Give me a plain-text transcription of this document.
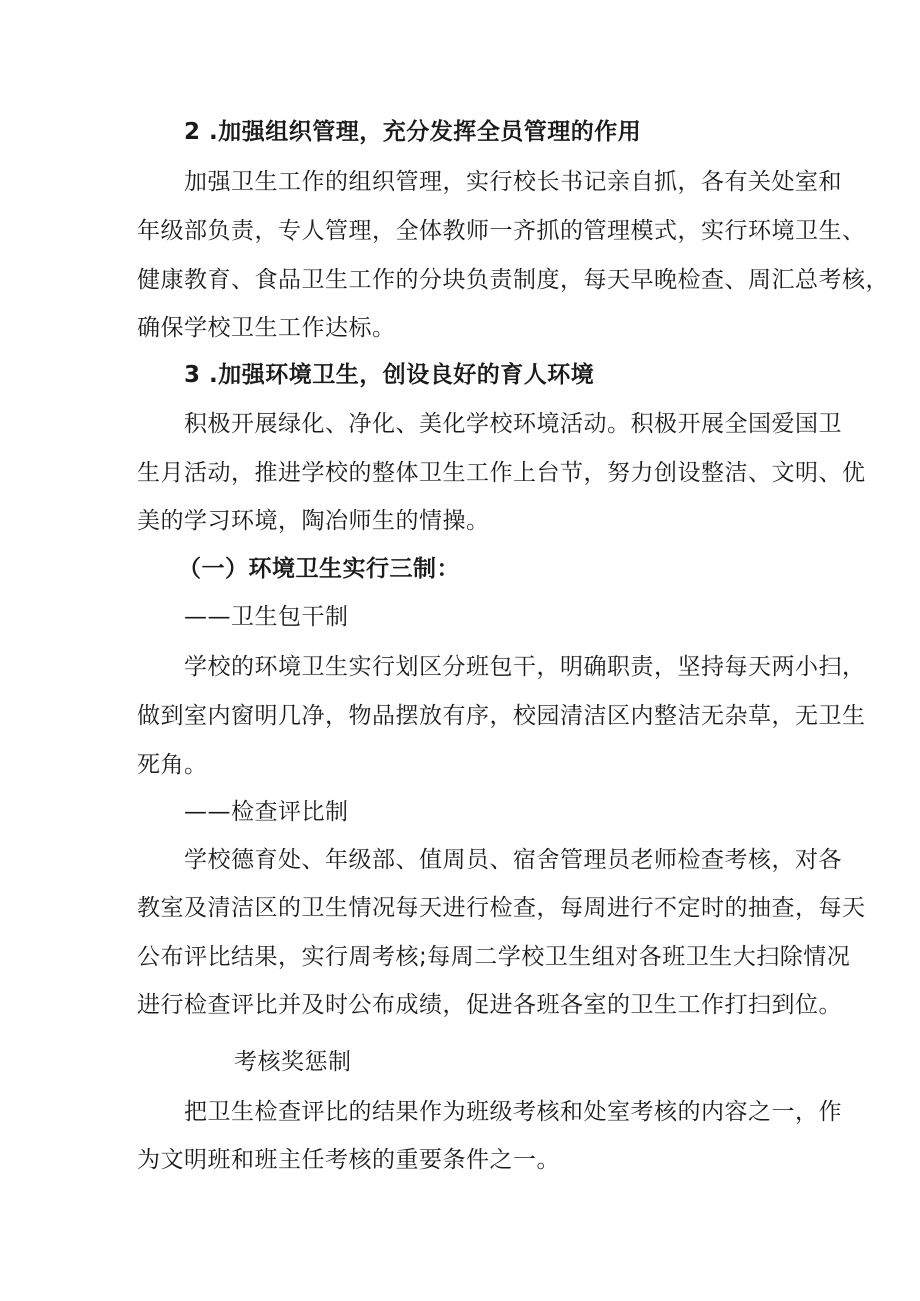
2 .加强组织管理，充分发挥全员管理的作用
加强卫生工作的组织管理，实行校长书记亲自抓，各有关处室和
年级部负责，专人管理，全体教师一齐抓的管理模式，实行环境卫生、
健康教育、食品卫生工作的分块负责制度，每天早晚检查、周汇总考核，
确保学校卫生工作达标。
3 .加强环境卫生，创设良好的育人环境
积极开展绿化、净化、美化学校环境活动。积极开展全国爱国卫
生月活动，推进学校的整体卫生工作上台节，努力创设整洁、文明、优
美的学习环境，陶冶师生的情操。
（一）环境卫生实行三制：
——卫生包干制
学校的环境卫生实行划区分班包干，明确职责，坚持每天两小扫，
做到室内窗明几净，物品摆放有序，校园清洁区内整洁无杂草，无卫生
死角。
——检查评比制
学校德育处、年级部、值周员、宿舍管理员老师检查考核，对各
教室及清洁区的卫生情况每天进行检查，每周进行不定时的抽查，每天
公布评比结果，实行周考核;每周二学校卫生组对各班卫生大扫除情况
进行检查评比并及时公布成绩，促进各班各室的卫生工作打扫到位。
考核奖惩制
把卫生检查评比的结果作为班级考核和处室考核的内容之一，作
为文明班和班主任考核的重要条件之一。
